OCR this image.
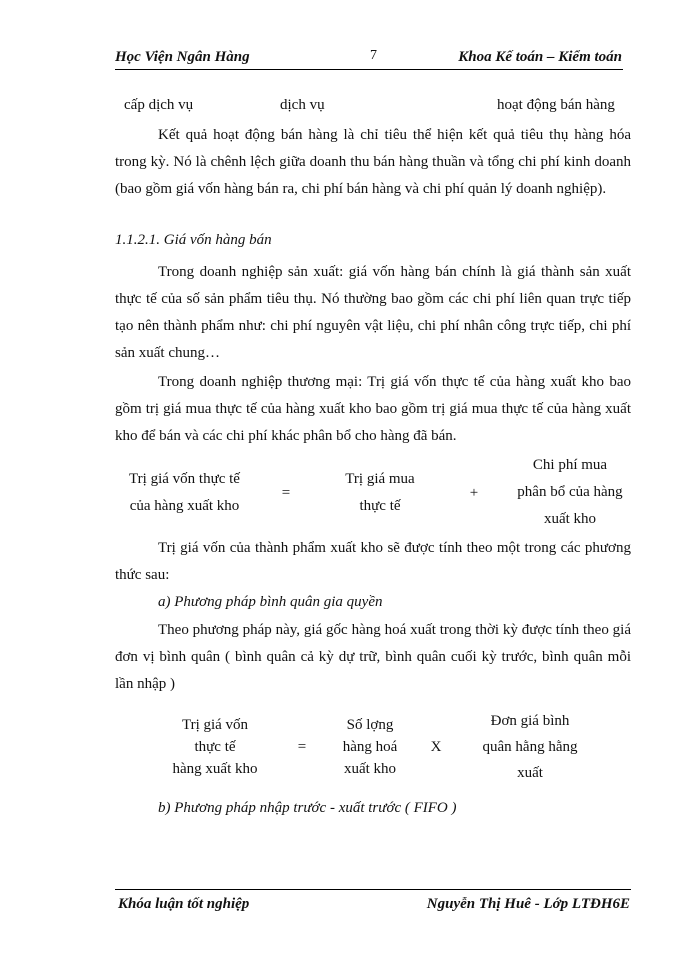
Học Viện Ngân Hàng	7	Khoa Kế toán – Kiểm toán
cấp dịch vụ	dịch vụ	hoạt động bán hàng
Kết quả hoạt động bán hàng là chỉ tiêu thể hiện kết quả tiêu thụ hàng hóa trong kỳ. Nó là chênh lệch giữa doanh thu bán hàng thuần và tổng chi phí kinh doanh (bao gồm giá vốn hàng bán ra, chi phí bán hàng và chi phí quản lý doanh nghiệp).
1.1.2.1. Giá vốn hàng bán
Trong doanh nghiệp sản xuất: giá vốn hàng bán chính là giá thành sản xuất thực tế của số sản phẩm tiêu thụ. Nó thường bao gồm các chi phí liên quan trực tiếp tạo nên thành phẩm như: chi phí nguyên vật liệu, chi phí nhân công trực tiếp, chi phí sản xuất chung…
Trong doanh nghiệp thương mại: Trị giá vốn thực tế của hàng xuất kho bao gồm trị giá mua thực tế của hàng xuất kho bao gồm trị giá mua thực tế của hàng xuất kho để bán và các chi phí khác phân bổ cho hàng đã bán.
Trị giá vốn thực tế
của hàng xuất kho
=
Trị giá mua
thực tế
+
Chi phí mua
phân bổ của hàng
xuất kho
Trị giá vốn của thành phẩm xuất kho sẽ được tính theo một trong các phương thức sau:
a) Phương pháp bình quân gia quyền
Theo phương pháp này, giá gốc hàng hoá xuất trong thời kỳ được tính theo giá đơn vị bình quân ( bình quân cả kỳ dự trữ, bình quân cuối kỳ trước, bình quân mỗi lần nhập )
Trị giá vốn
thực tế
hàng xuất kho
=
Số lợng
hàng hoá
xuất kho
X
Đơn giá bình
quân hằng hằng
xuất
b) Phương pháp nhập trước - xuất trước ( FIFO )
Khóa luận tốt nghiệp	Nguyễn Thị Huê - Lớp LTĐH6E
